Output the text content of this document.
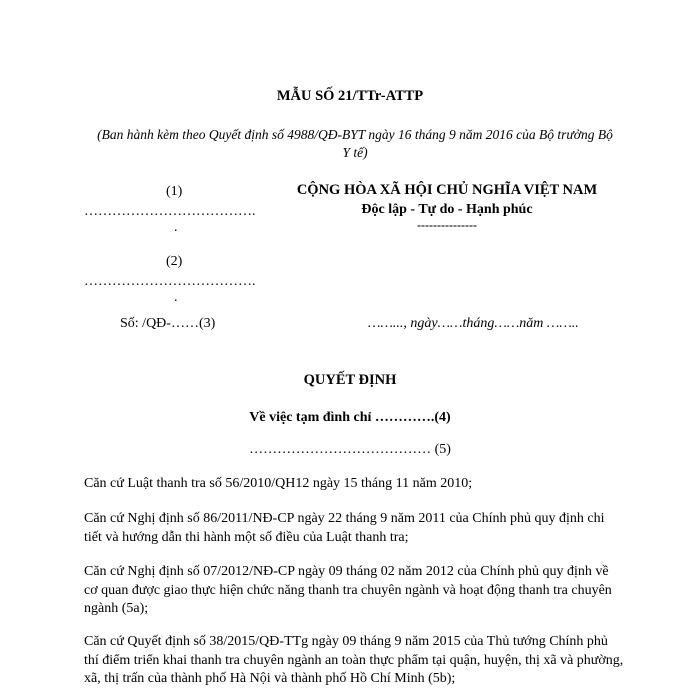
MẪU SỐ 21/TTr-ATTP
(Ban hành kèm theo Quyết định số 4988/QĐ-BYT ngày 16 tháng 9 năm 2016 của Bộ trưởng Bộ Y tế)
(1)
……………………………….
.
(2)
……………………………….
.
Số: /QĐ-……(3)
CỘNG HÒA XÃ HỘI CHỦ NGHĨA VIỆT NAM
Độc lập - Tự do - Hạnh phúc
---------------
……..., ngày……tháng……năm ……..
QUYẾT ĐỊNH
Về việc tạm đình chỉ ………….(4)
………………………………… (5)
Căn cứ Luật thanh tra số 56/2010/QH12 ngày 15 tháng 11 năm 2010;
Căn cứ Nghị định số 86/2011/NĐ-CP ngày 22 tháng 9 năm 2011 của Chính phủ quy định chi tiết và hướng dẫn thi hành một số điều của Luật thanh tra;
Căn cứ Nghị định số 07/2012/NĐ-CP ngày 09 tháng 02 năm 2012 của Chính phủ quy định về cơ quan được giao thực hiện chức năng thanh tra chuyên ngành và hoạt động thanh tra chuyên ngành (5a);
Căn cứ Quyết định số 38/2015/QĐ-TTg ngày 09 tháng 9 năm 2015 của Thủ tướng Chính phủ thí điểm triển khai thanh tra chuyên ngành an toàn thực phẩm tại quận, huyện, thị xã và phường, xã, thị trấn của thành phố Hà Nội và thành phố Hồ Chí Minh (5b);
